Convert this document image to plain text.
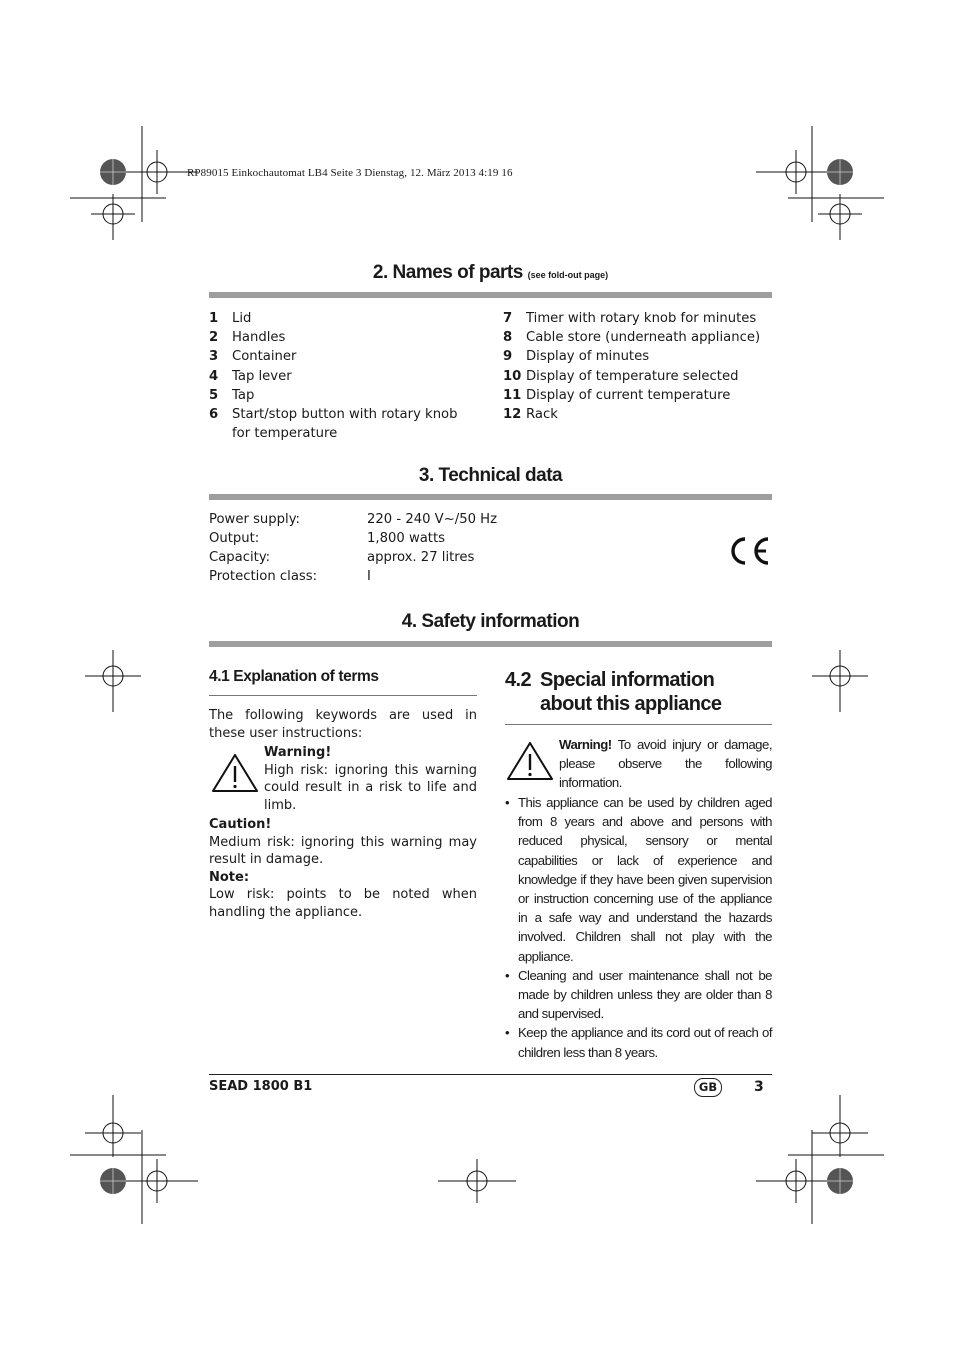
RP89015 Einkochautomat LB4 Seite 3 Dienstag, 12. März 2013 4:19 16
2. Names of parts (see fold-out page)
1	Lid
2	Handles
3	Container
4	Tap lever
5	Tap
6	Start/stop button with rotary knob for temperature
7	Timer with rotary knob for minutes
8	Cable store (underneath appliance)
9	Display of minutes
10 Display of temperature selected
11 Display of current temperature
12 Rack
3. Technical data
Power supply:	220 - 240 V~/50 Hz
Output:	1,800 watts
Capacity:	approx. 27 litres
Protection class:	I
4. Safety information
4.1 Explanation of terms
The following keywords are used in these user instructions:
Warning!
High risk: ignoring this warning could result in a risk to life and limb.
Caution!
Medium risk: ignoring this warning may result in damage.
Note:
Low risk: points to be noted when handling the appliance.
4.2 Special information about this appliance
Warning! To avoid injury or damage, please observe the following information.
• This appliance can be used by children aged from 8 years and above and persons with reduced physical, sensory or mental capabilities or lack of experience and knowledge if they have been given supervision or instruction concerning use of the appliance in a safe way and understand the hazards involved. Children shall not play with the appliance.
• Cleaning and user maintenance shall not be made by children unless they are older than 8 and supervised.
• Keep the appliance and its cord out of reach of children less than 8 years.
SEAD 1800 B1	GB	3
